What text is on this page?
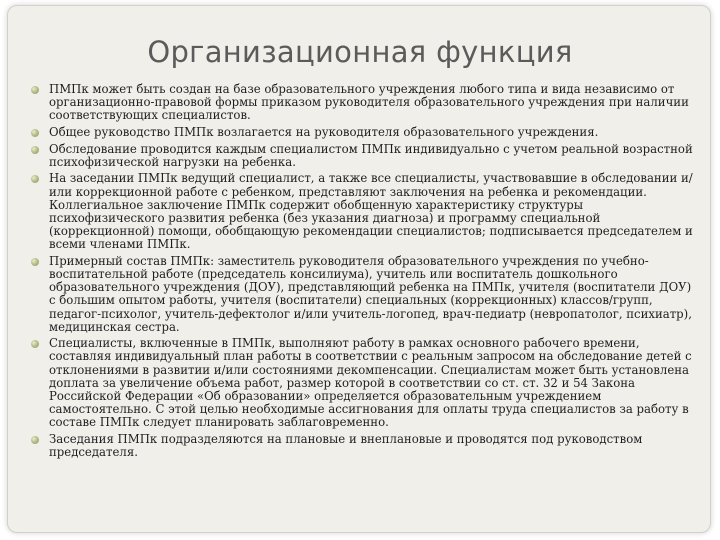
Организационная функция
ПМПк может быть создан на базе образовательного учреждения любого типа и вида независимо от организационно-правовой формы приказом руководителя образовательного учреждения при наличии соответствующих специалистов.
Общее руководство ПМПк возлагается на руководителя образовательного учреждения.
Обследование проводится каждым специалистом ПМПк индивидуально с учетом реальной возрастной психофизической нагрузки на ребенка.
На заседании ПМПк ведущий специалист, а также все специалисты, участвовавшие в обследовании и/или коррекционной работе с ребенком, представляют заключения на ребенка и рекомендации. Коллегиальное заключение ПМПк содержит обобщенную характеристику структуры психофизического развития ребенка (без указания диагноза) и программу специальной (коррекционной) помощи, обобщающую рекомендации специалистов; подписывается председателем и всеми членами ПМПк.
Примерный состав ПМПк: заместитель руководителя образовательного учреждения по учебно-воспитательной работе (председатель консилиума), учитель или воспитатель дошкольного образовательного учреждения (ДОУ), представляющий ребенка на ПМПк, учителя (воспитатели ДОУ) с большим опытом работы, учителя (воспитатели) специальных (коррекционных) классов/групп, педагог-психолог, учитель-дефектолог и/или учитель-логопед, врач-педиатр (невропатолог, психиатр), медицинская сестра.
Специалисты, включенные в ПМПк, выполняют работу в рамках основного рабочего времени, составляя индивидуальный план работы в соответствии с реальным запросом на обследование детей с отклонениями в развитии и/или состояниями декомпенсации. Специалистам может быть установлена доплата за увеличение объема работ, размер которой в соответствии со ст. ст. 32 и 54 Закона Российской Федерации «Об образовании» определяется образовательным учреждением самостоятельно. С этой целью необходимые ассигнования для оплаты труда специалистов за работу в составе ПМПк следует планировать заблаговременно.
Заседания ПМПк подразделяются на плановые и внеплановые и проводятся под руководством председателя.
